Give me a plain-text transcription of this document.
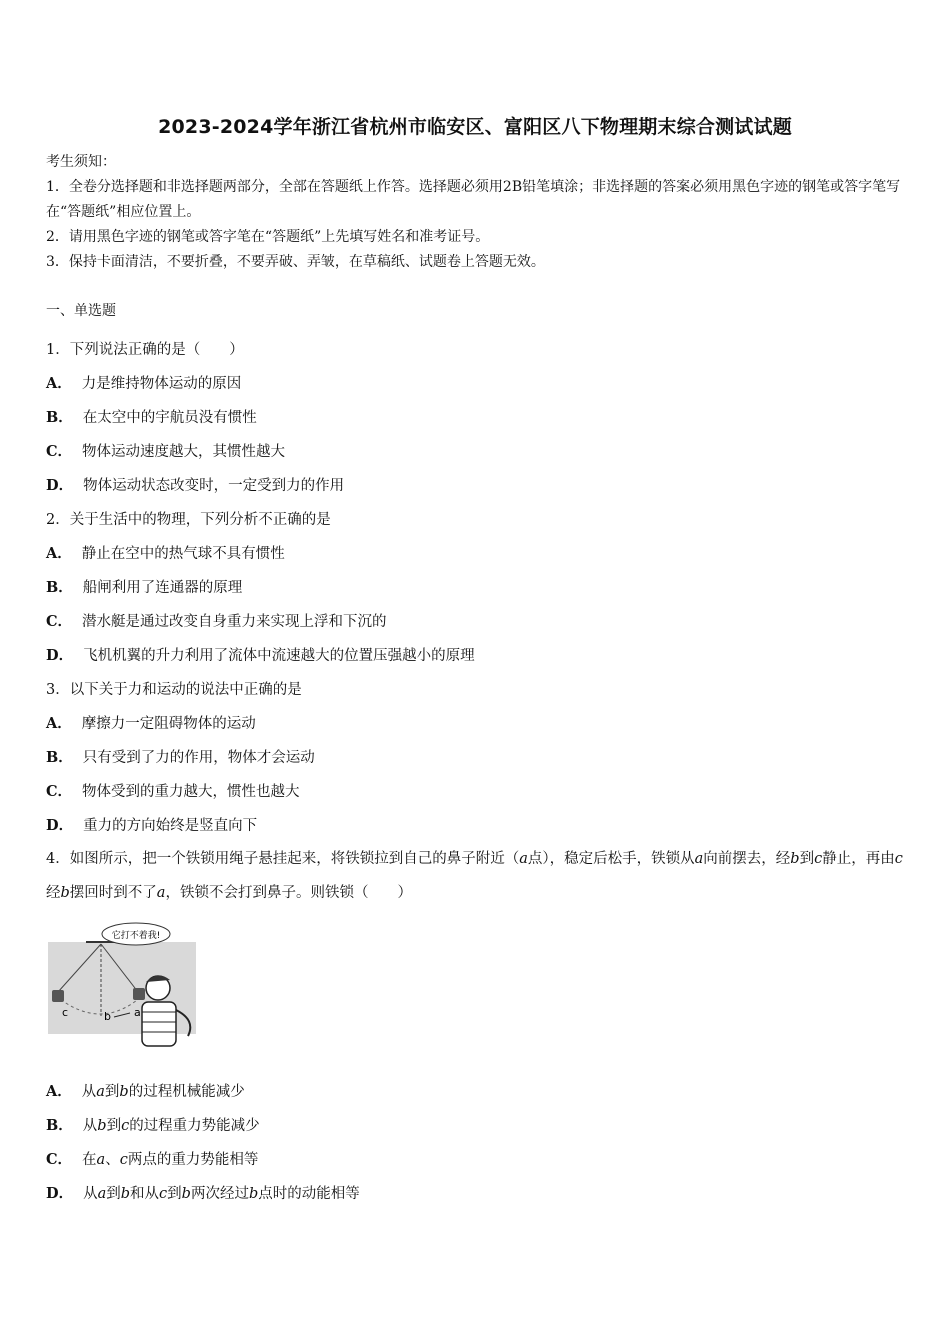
2023-2024学年浙江省杭州市临安区、富阳区八下物理期末综合测试试题
考生须知：
1．全卷分选择题和非选择题两部分，全部在答题纸上作答。选择题必须用2B铅笔填涂；非选择题的答案必须用黑色字迹的钢笔或答字笔写在“答题纸”相应位置上。
2．请用黑色字迹的钢笔或答字笔在“答题纸”上先填写姓名和准考证号。
3．保持卡面清洁，不要折叠，不要弄破、弄皱，在草稿纸、试题卷上答题无效。
一、单选题
1．下列说法正确的是（　　）
A． 力是维持物体运动的原因
B． 在太空中的宇航员没有惯性
C． 物体运动速度越大，其惯性越大
D． 物体运动状态改变时，一定受到力的作用
2．关于生活中的物理，下列分析不正确的是
A． 静止在空中的热气球不具有惯性
B． 船闸利用了连通器的原理
C． 潜水艇是通过改变自身重力来实现上浮和下沉的
D． 飞机机翼的升力利用了流体中流速越大的位置压强越小的原理
3．以下关于力和运动的说法中正确的是
A． 摩擦力一定阻碍物体的运动
B． 只有受到了力的作用，物体才会运动
C． 物体受到的重力越大，惯性也越大
D． 重力的方向始终是竖直向下
4．如图所示，把一个铁锁用绳子悬挂起来，将铁锁拉到自己的鼻子附近（a点），稳定后松手，铁锁从a向前摆去，经b到c静止，再由c经b摆回时到不了a，铁锁不会打到鼻子。则铁锁（　　）
c	b a
它打不着我!
A． 从a到b的过程机械能减少
B． 从b到c的过程重力势能减少
C． 在a、c两点的重力势能相等
D． 从a到b和从c到b两次经过b点时的动能相等
